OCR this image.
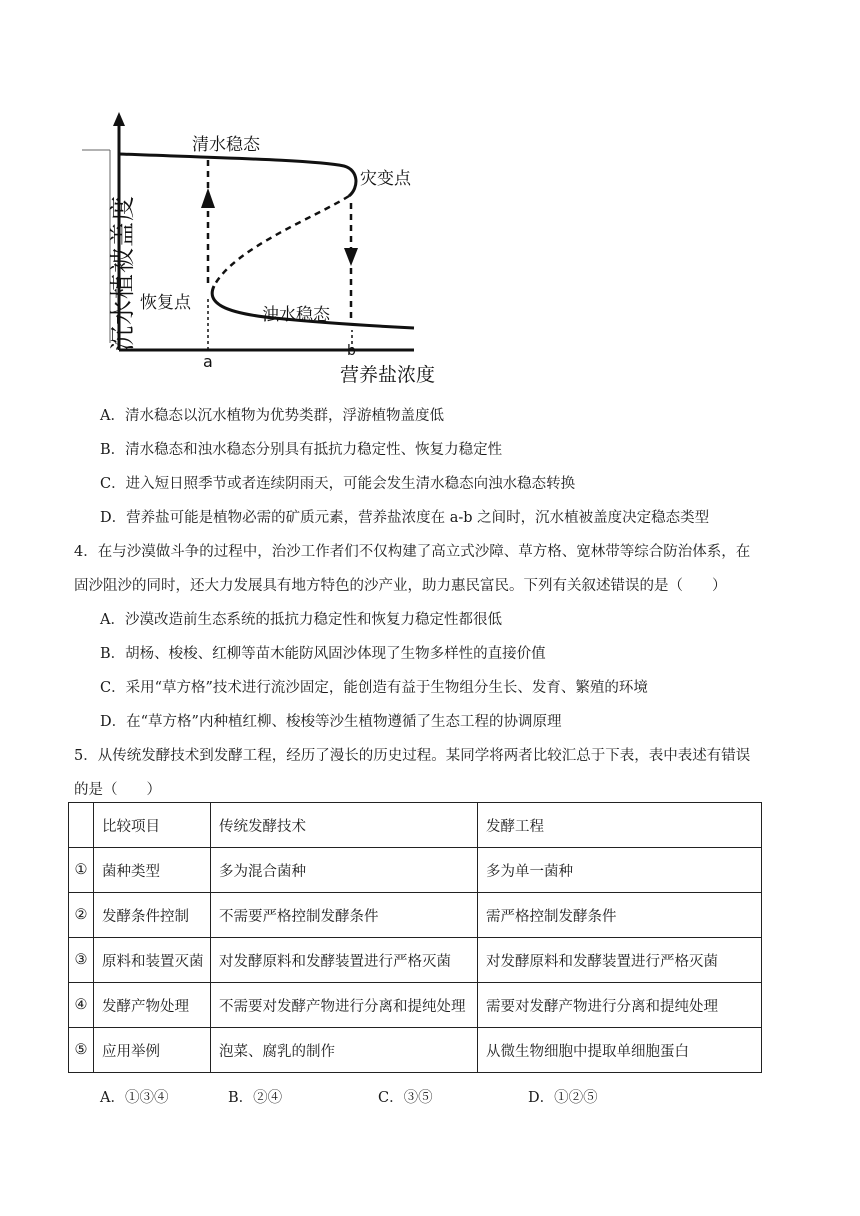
沉水植被盖度
清水稳态
灾变点
恢复点
浊水稳态
a
b
营养盐浓度
A．清水稳态以沉水植物为优势类群，浮游植物盖度低
B．清水稳态和浊水稳态分别具有抵抗力稳定性、恢复力稳定性
C．进入短日照季节或者连续阴雨天，可能会发生清水稳态向浊水稳态转换
D．营养盐可能是植物必需的矿质元素，营养盐浓度在 a-b 之间时，沉水植被盖度决定稳态类型
4．在与沙漠做斗争的过程中，治沙工作者们不仅构建了高立式沙障、草方格、宽林带等综合防治体系，在
固沙阻沙的同时，还大力发展具有地方特色的沙产业，助力惠民富民。下列有关叙述错误的是（　　）
A．沙漠改造前生态系统的抵抗力稳定性和恢复力稳定性都很低
B．胡杨、梭梭、红柳等苗木能防风固沙体现了生物多样性的直接价值
C．采用“草方格”技术进行流沙固定，能创造有益于生物组分生长、发育、繁殖的环境
D．在“草方格”内种植红柳、梭梭等沙生植物遵循了生态工程的协调原理
5．从传统发酵技术到发酵工程，经历了漫长的历史过程。某同学将两者比较汇总于下表，表中表述有错误
的是（　　）
	比较项目	传统发酵技术	发酵工程
①	菌种类型	多为混合菌种	多为单一菌种
②	发酵条件控制	不需要严格控制发酵条件	需严格控制发酵条件
③	原料和装置灭菌	对发酵原料和发酵装置进行严格灭菌	对发酵原料和发酵装置进行严格灭菌
④	发酵产物处理	不需要对发酵产物进行分离和提纯处理	需要对发酵产物进行分离和提纯处理
⑤	应用举例	泡菜、腐乳的制作	从微生物细胞中提取单细胞蛋白
A．①③④	B．②④	C．③⑤	D．①②⑤
